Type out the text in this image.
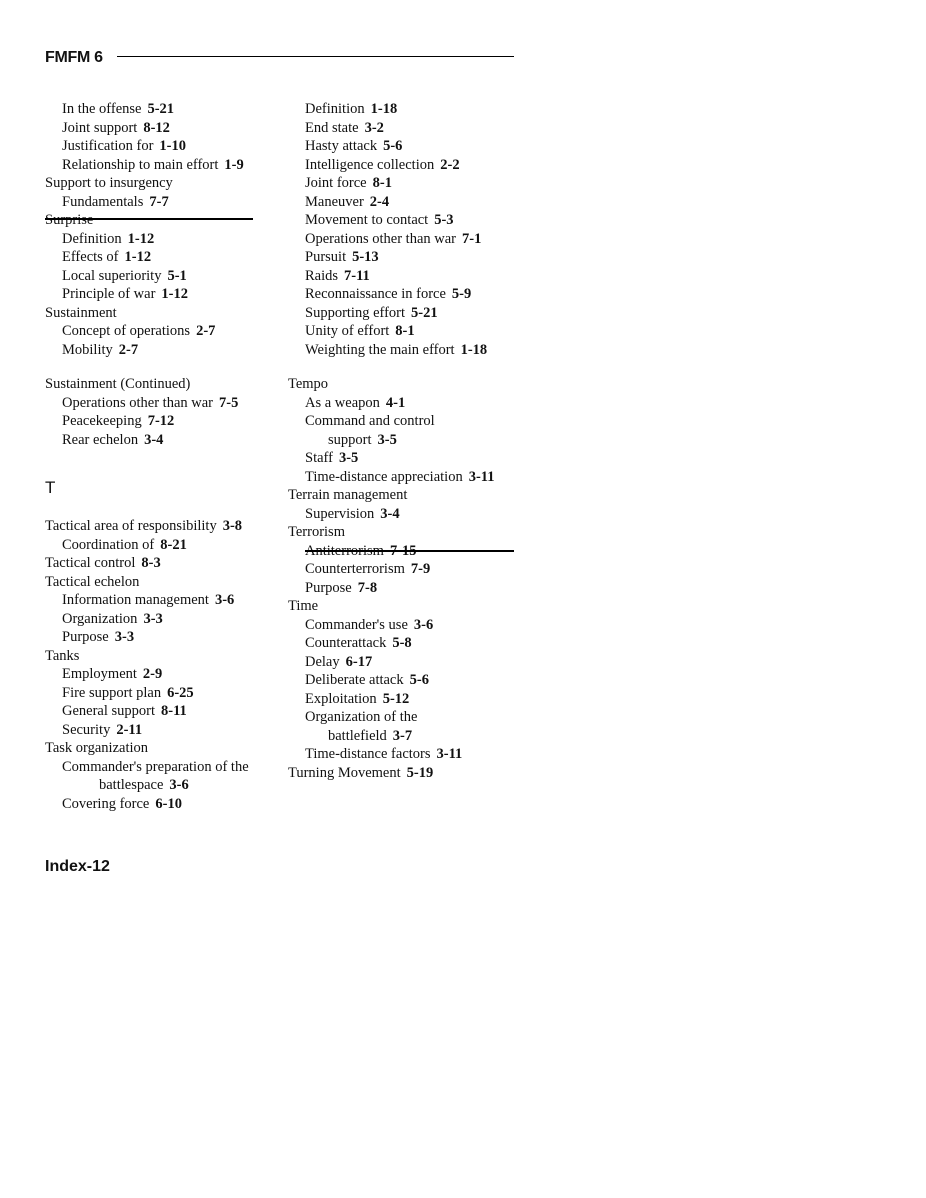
FMFM 6
In the offense 5-21
Joint support 8-12
Justification for 1-10
Relationship to main effort 1-9
Support to insurgency
Fundamentals 7-7
Surprise
Definition 1-12
Effects of 1-12
Local superiority 5-1
Principle of war 1-12
Sustainment
Concept of operations 2-7
Mobility 2-7
Sustainment (Continued)
Operations other than war 7-5
Peacekeeping 7-12
Rear echelon 3-4
T
Tactical area of responsibility 3-8
Coordination of 8-21
Tactical control 8-3
Tactical echelon
Information management 3-6
Organization 3-3
Purpose 3-3
Tanks
Employment 2-9
Fire support plan 6-25
General support 8-11
Security 2-11
Task organization
Commander's preparation of the
battlespace 3-6
Covering force 6-10
Definition 1-18
End state 3-2
Hasty attack 5-6
Intelligence collection 2-2
Joint force 8-1
Maneuver 2-4
Movement to contact 5-3
Operations other than war 7-1
Pursuit 5-13
Raids 7-11
Reconnaissance in force 5-9
Supporting effort 5-21
Unity of effort 8-1
Weighting the main effort 1-18
Tempo
As a weapon 4-1
Command and control
support 3-5
Staff 3-5
Time-distance appreciation 3-11
Terrain management
Supervision 3-4
Terrorism
Antiterrorism 7-15
Counterterrorism 7-9
Purpose 7-8
Time
Commander's use 3-6
Counterattack 5-8
Delay 6-17
Deliberate attack 5-6
Exploitation 5-12
Organization of the
battlefield 3-7
Time-distance factors 3-11
Turning Movement 5-19
Index-12
